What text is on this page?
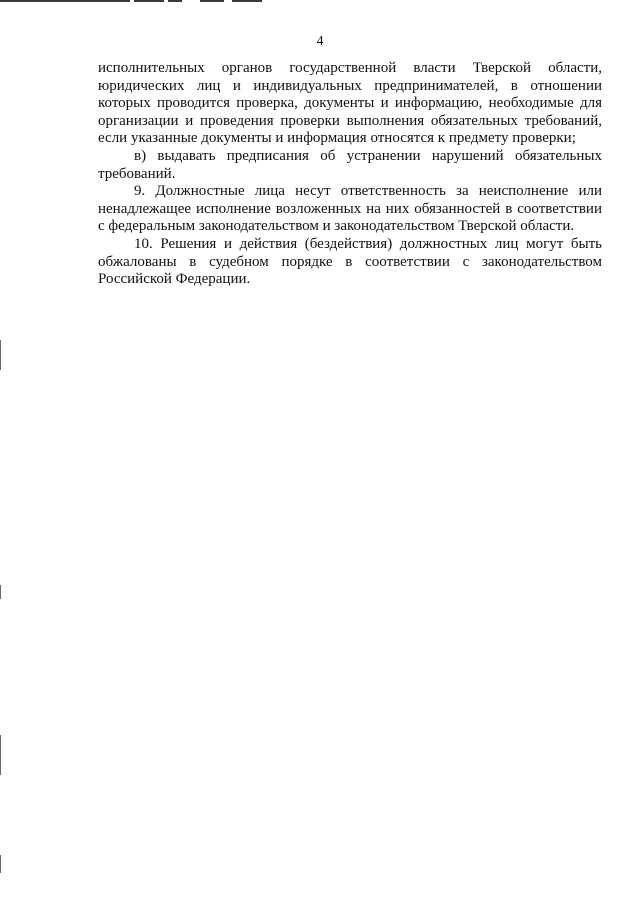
4

исполнительных органов государственной власти Тверской области, юридических лиц и индивидуальных предпринимателей, в отношении которых проводится проверка, документы и информацию, необходимые для организации и проведения проверки выполнения обязательных требований, если указанные документы и информация относятся к предмету проверки;

в) выдавать предписания об устранении нарушений обязательных требований.

9. Должностные лица несут ответственность за неисполнение или ненадлежащее исполнение возложенных на них обязанностей в соответствии с федеральным законодательством и законодательством Тверской области.

10. Решения и действия (бездействия) должностных лиц могут быть обжалованы в судебном порядке в соответствии с законодательством Российской Федерации.
